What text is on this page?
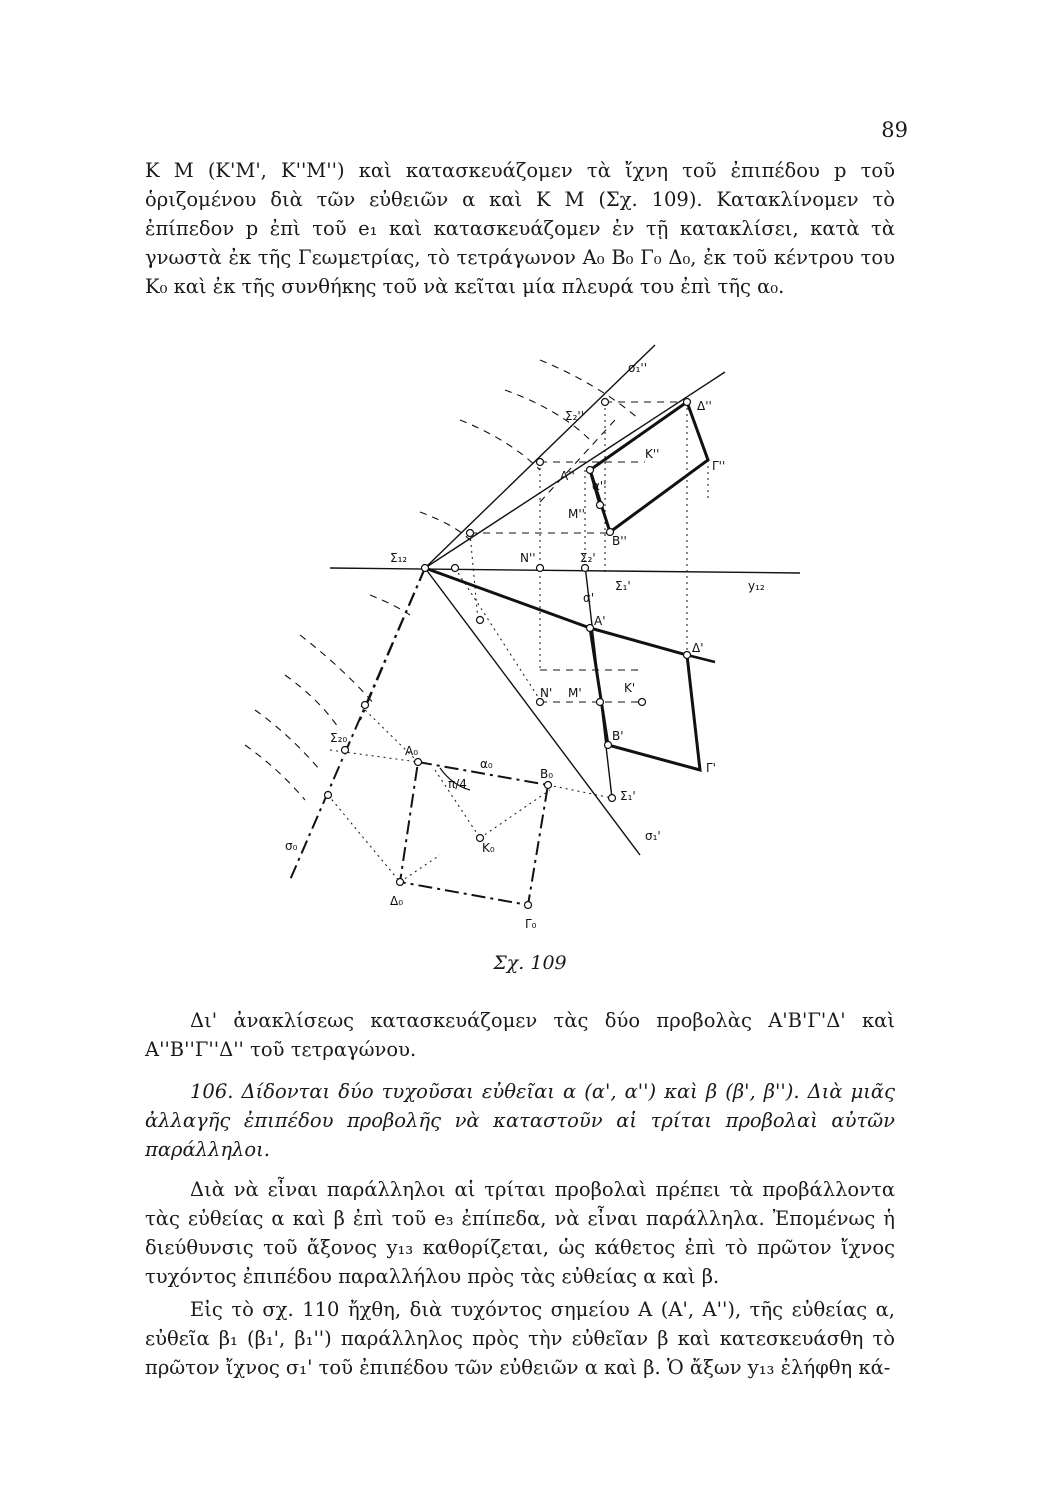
89

Κ Μ (Κ'Μ', Κ''Μ'') καὶ κατασκευάζομεν τὰ ἴχνη τοῦ ἐπιπέδου p τοῦ ὁριζομένου διὰ τῶν εὐθειῶν α καὶ Κ Μ (Σχ. 109). Κατακλίνομεν τὸ ἐπίπεδον p ἐπὶ τοῦ e₁ καὶ κατασκευάζομεν ἐν τῇ κατακλίσει, κατὰ τὰ γνωστὰ ἐκ τῆς Γεωμετρίας, τὸ τετράγωνον A₀ B₀ Γ₀ Δ₀, ἐκ τοῦ κέντρου του K₀ καὶ ἐκ τῆς συνθήκης τοῦ νὰ κεῖται μία πλευρά του ἐπὶ τῆς α₀.

Σ₁₂
y₁₂
σ₁''
σ₁'
Σ₂₀
σ₀
Σ₂''
Σ₂'
Σ₁'
Σ₁'
A''
α''
K''
Δ''
Γ''
M''
B''
N''
A'
α'
Δ'
N' M'	K'
B'
Γ'
A₀
B₀
α₀
K₀
Δ₀
Γ₀
π/4
Σχ. 109
Δι' ἀνακλίσεως κατασκευάζομεν τὰς δύο προβολὰς A'B'Γ'Δ' καὶ A''B''Γ''Δ'' τοῦ τετραγώνου.
106. Δίδονται δύο τυχοῦσαι εὐθεῖαι α (α', α'') καὶ β (β', β''). Διὰ μιᾶς ἀλλαγῆς ἐπιπέδου προβολῆς νὰ καταστοῦν αἱ τρίται προβολαὶ αὐτῶν παράλληλοι.
Διὰ νὰ εἶναι παράλληλοι αἱ τρίται προβολαὶ πρέπει τὰ προβάλλοντα τὰς εὐθείας α καὶ β ἐπὶ τοῦ e₃ ἐπίπεδα, νὰ εἶναι παράλληλα. Ἐπομένως ἡ διεύθυνσις τοῦ ἄξονος y₁₃ καθορίζεται, ὡς κάθετος ἐπὶ τὸ πρῶτον ἴχνος τυχόντος ἐπιπέδου παραλλήλου πρὸς τὰς εὐθείας α καὶ β.
Εἰς τὸ σχ. 110 ἤχθη, διὰ τυχόντος σημείου A (A', A''), τῆς εὐθείας α, εὐθεῖα β₁ (β₁', β₁'') παράλληλος πρὸς τὴν εὐθεῖαν β καὶ κατεσκευάσθη τὸ πρῶτον ἴχνος σ₁' τοῦ ἐπιπέδου τῶν εὐθειῶν α καὶ β. Ὁ ἄξων y₁₃ ἐλήφθη κά-
